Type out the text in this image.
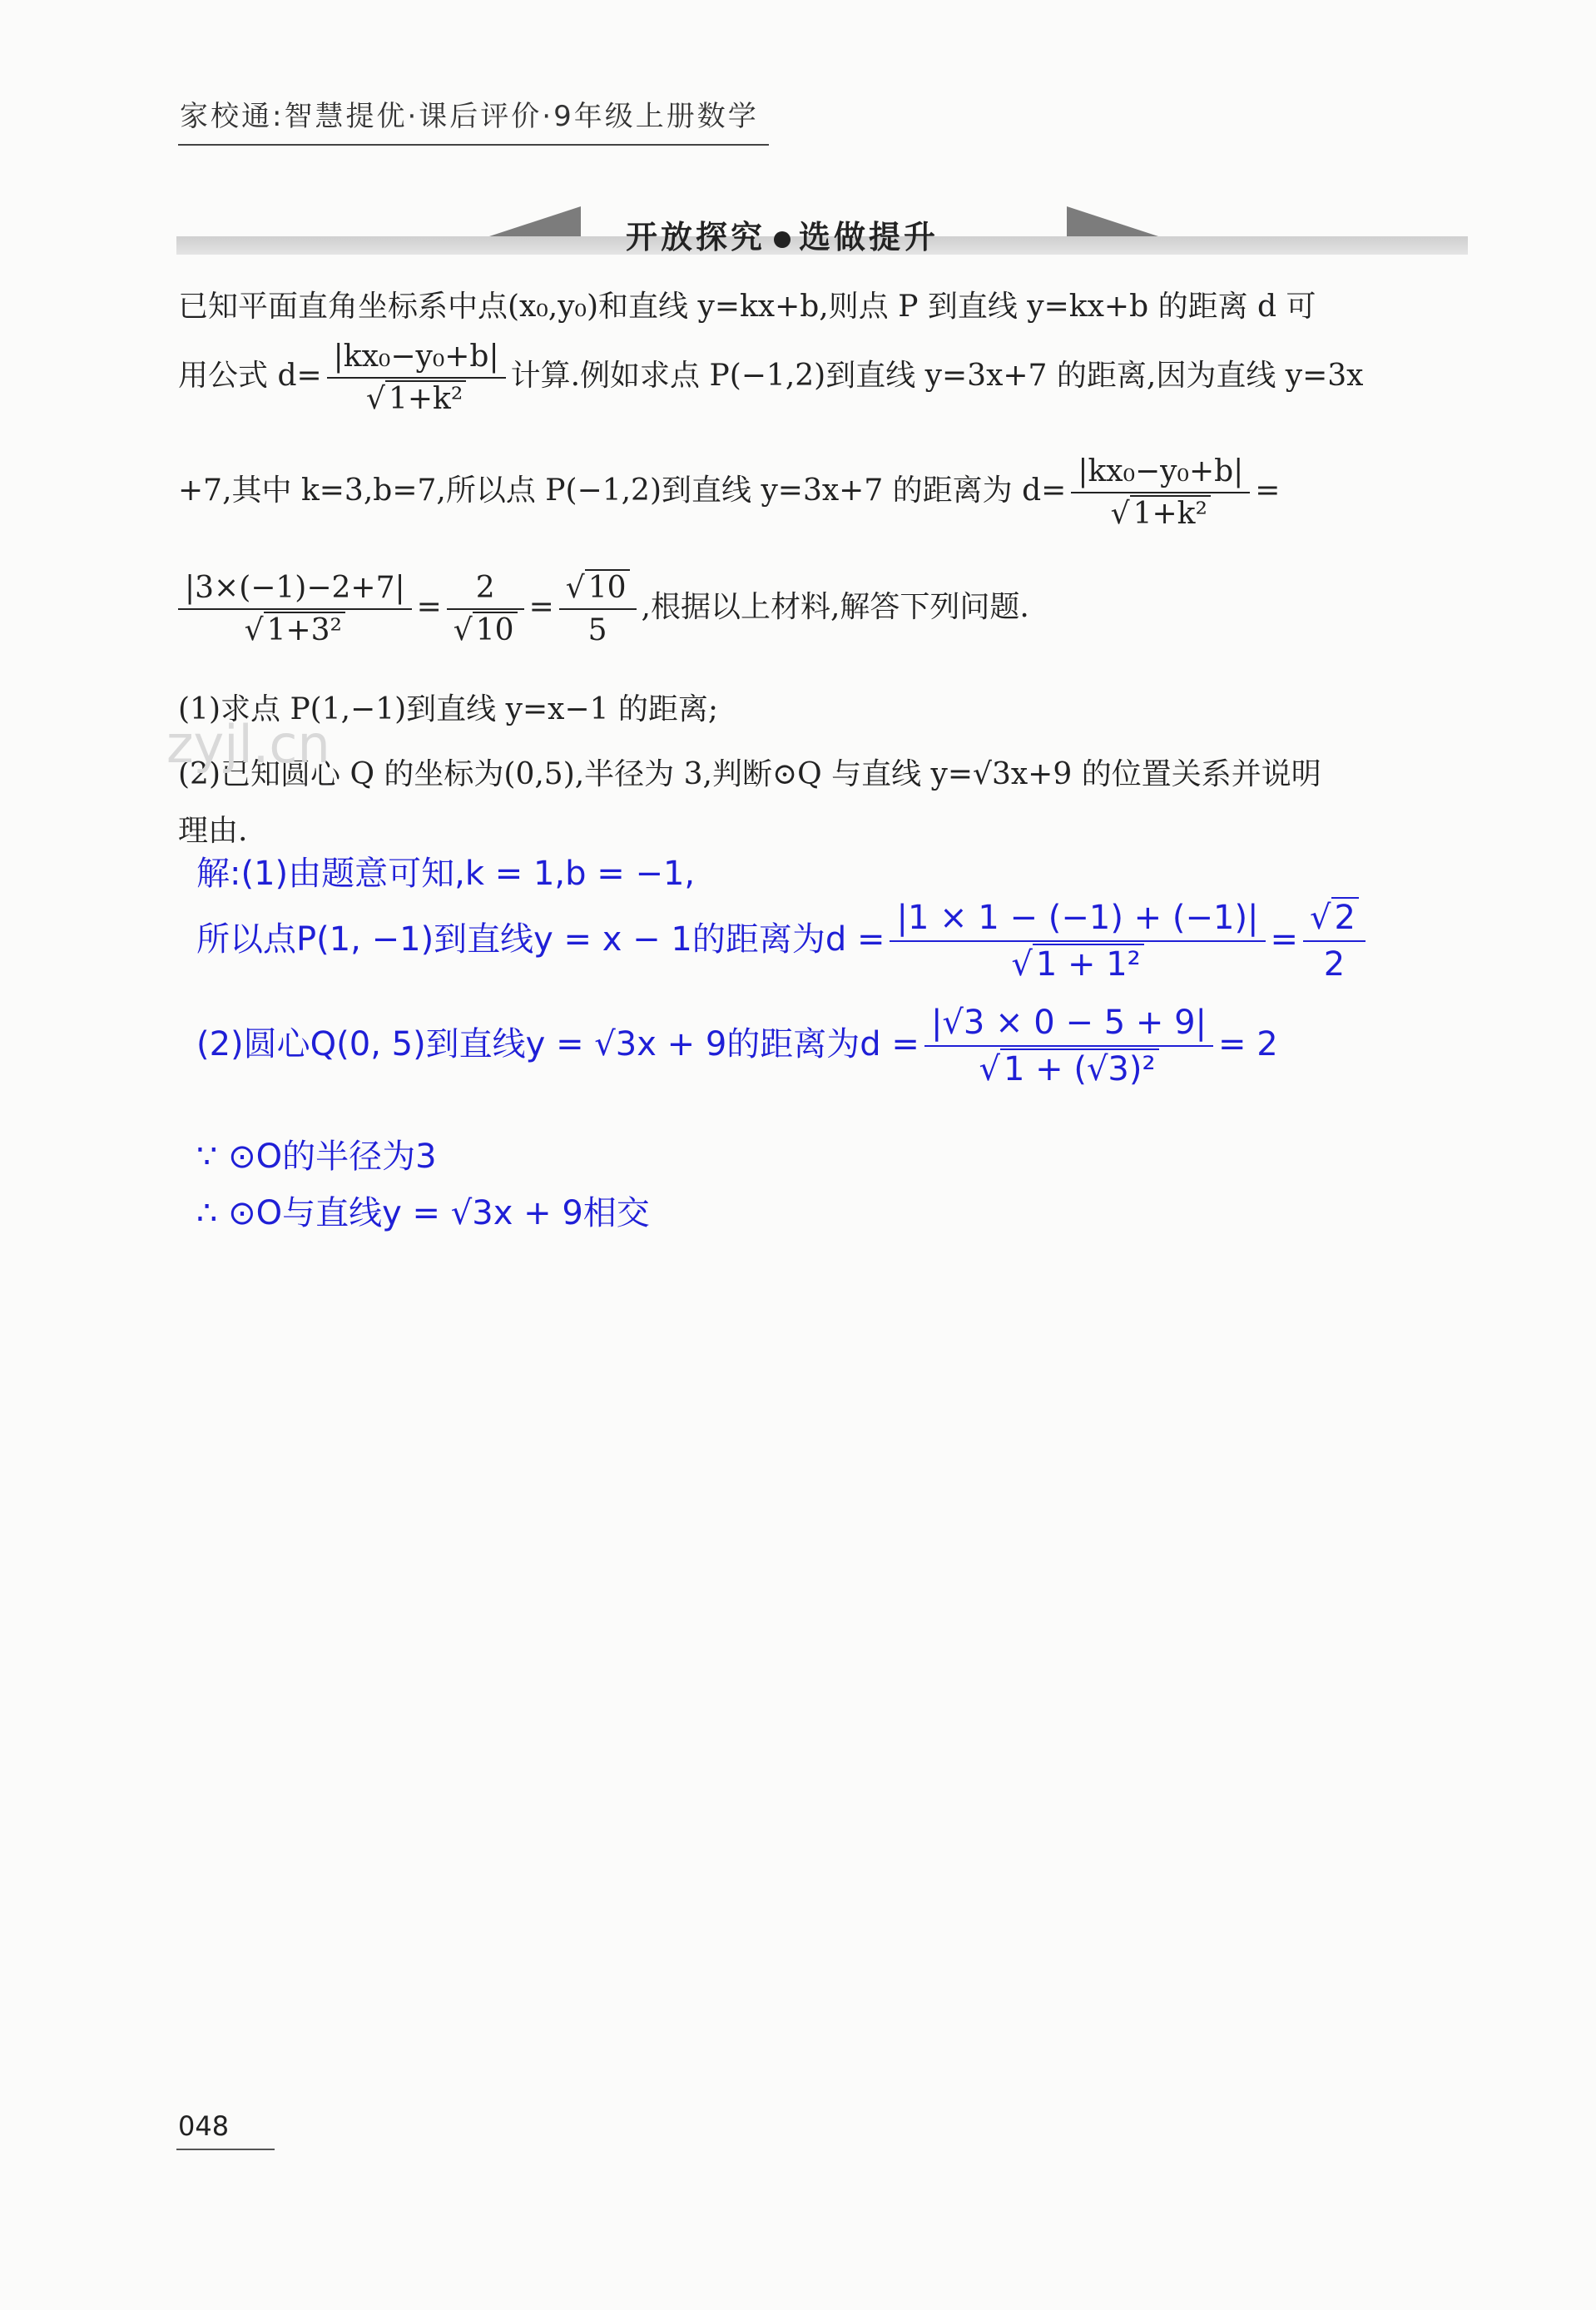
家校通:智慧提优·课后评价·9年级上册数学
开放探究 选做提升
已知平面直角坐标系中点(x₀,y₀)和直线 y=kx+b,则点 P 到直线 y=kx+b 的距离 d 可
用公式 $d= \frac{\text{|kx₀−y₀+b|}}{\text{√ 1+k²}}$ 计算.例如求点 P(−1,2)到直线 y=3x+7 的距离,因为直线 y=3x
+7,其中 k=3,b=7,所以点 P(−1,2)到直线 y=3x+7 的距离为 $d= \frac{\text{|kx₀−y₀+b|}}{\text{√ 1+k²}}$ =
$\frac{|3\times(-1)-2+7|}{\text{√ 1+3²}} = \frac{2}{√ 10} = \frac{√ 10}{5}$ ,根据以上材料,解答下列问题.
(1)求点 P(1,−1)到直线 y=x−1 的距离;
(2)已知圆心 Q 的坐标为(0,5),半径为 3,判断⊙Q 与直线 y=√3x+9 的位置关系并说明
理由.
zyjl.cn
解:(1)由题意可知,k = 1,b = −1,
所以点P(1, −1)到直线y = x − 1的距离为$d = \frac{|1 \times 1 - (-1) + (-1)|}{\text{√ 1 + 1²}} = \frac{√ 2}{2}$
(2)圆心Q(0, 5)到直线y = √3x + 9的距离为$d = \frac{|√3 \times 0 - 5 + 9|}{\text{√ 1 + (√3)²}} = 2$
∵ ⊙O的半径为3
∴ ⊙O与直线y = √3x + 9相交
048
